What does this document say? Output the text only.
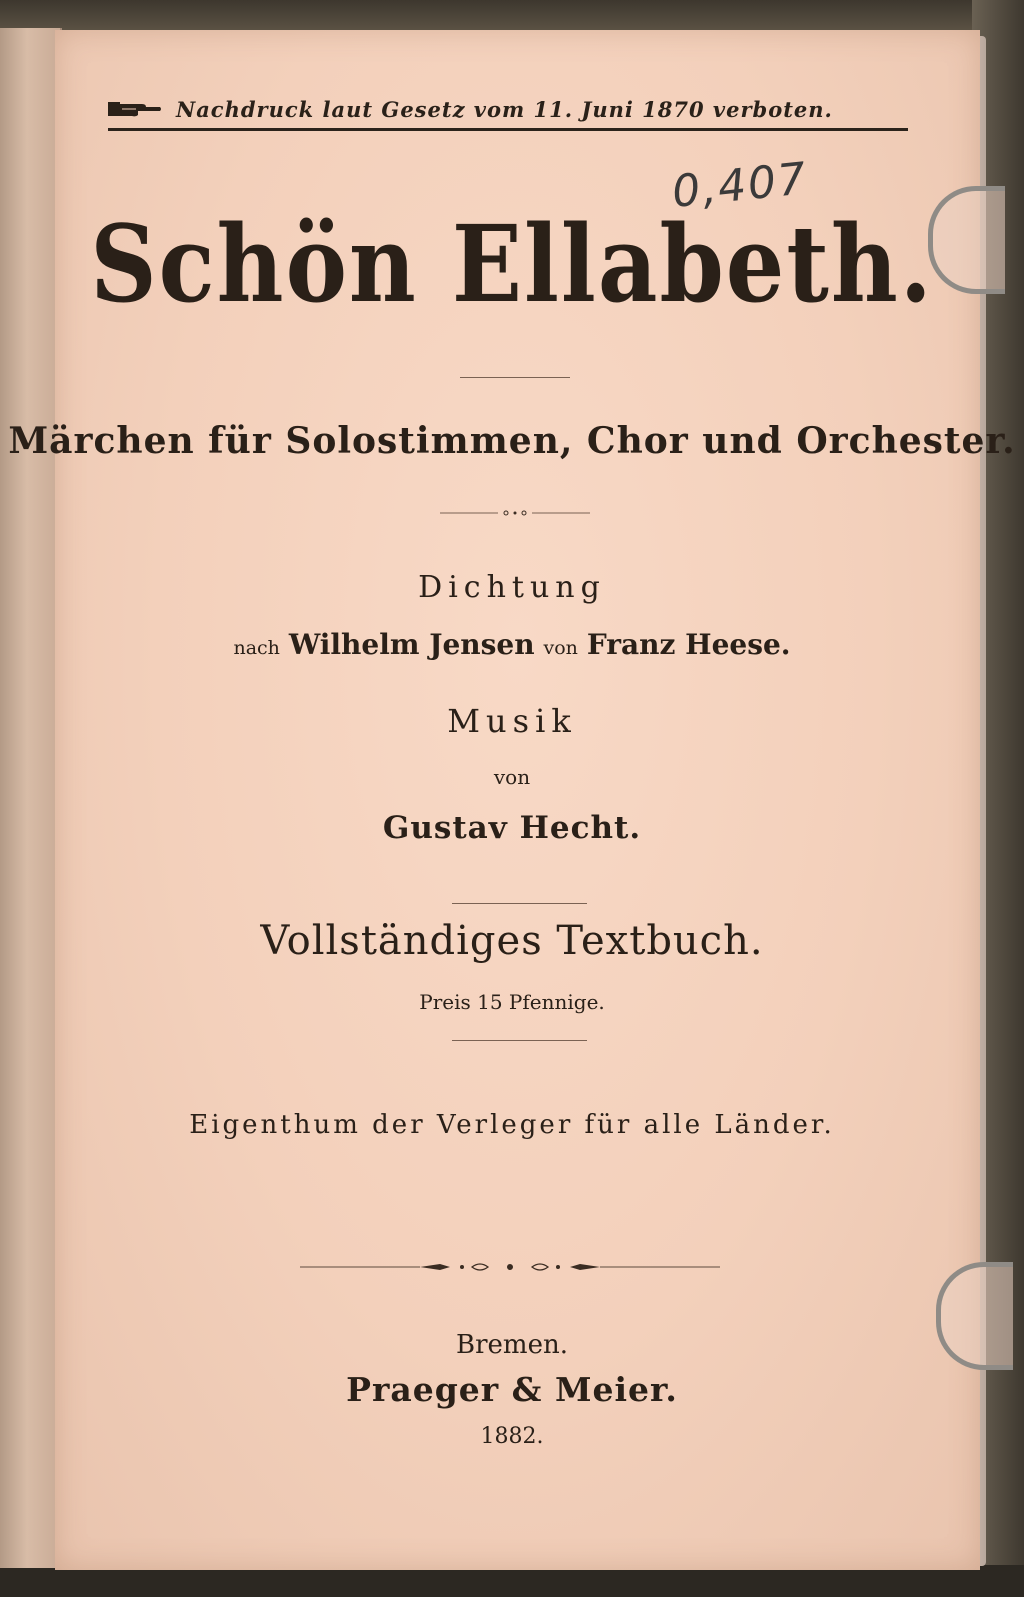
Nachdruck laut Gesetz vom 11. Juni 1870 verboten.
0,407
Schön Ellabeth.
Märchen für Solostimmen, Chor und Orchester.
Dichtung
nach Wilhelm Jensen von Franz Heese.
Musik
von
Gustav Hecht.
Vollständiges Textbuch.
Preis 15 Pfennige.
Eigenthum der Verleger für alle Länder.
Bremen.
Praeger & Meier.
1882.
